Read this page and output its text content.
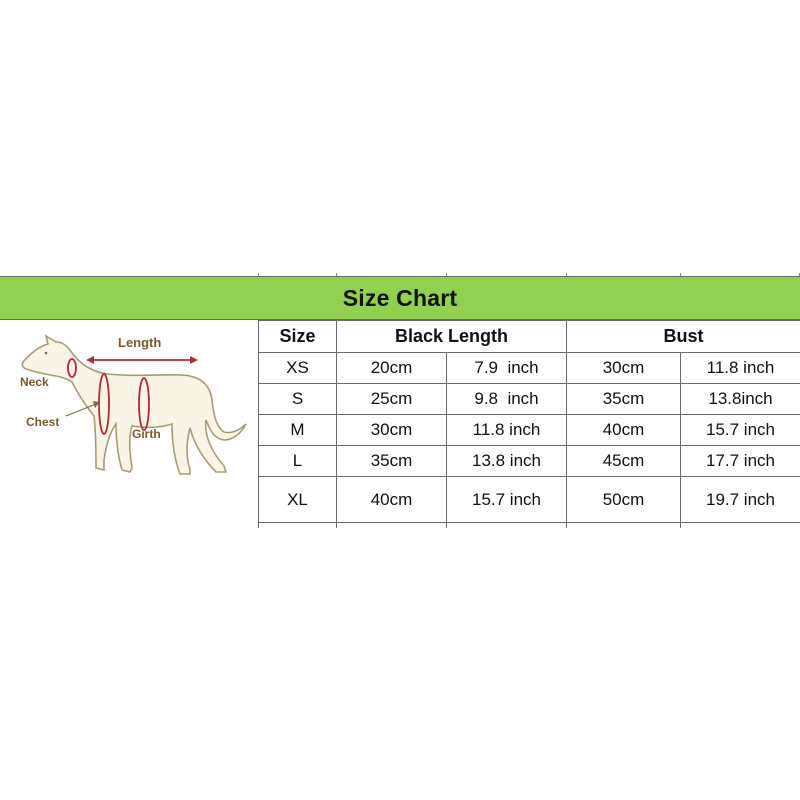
Size Chart
Length
Neck
Chest
Girth
Size	Black Length		Bust	
XS	20cm	7.9  inch	30cm	11.8 inch
S	25cm	9.8  inch	35cm	13.8inch
M	30cm	11.8 inch	40cm	15.7 inch
L	35cm	13.8 inch	45cm	17.7 inch
XL	40cm	15.7 inch	50cm	19.7 inch
